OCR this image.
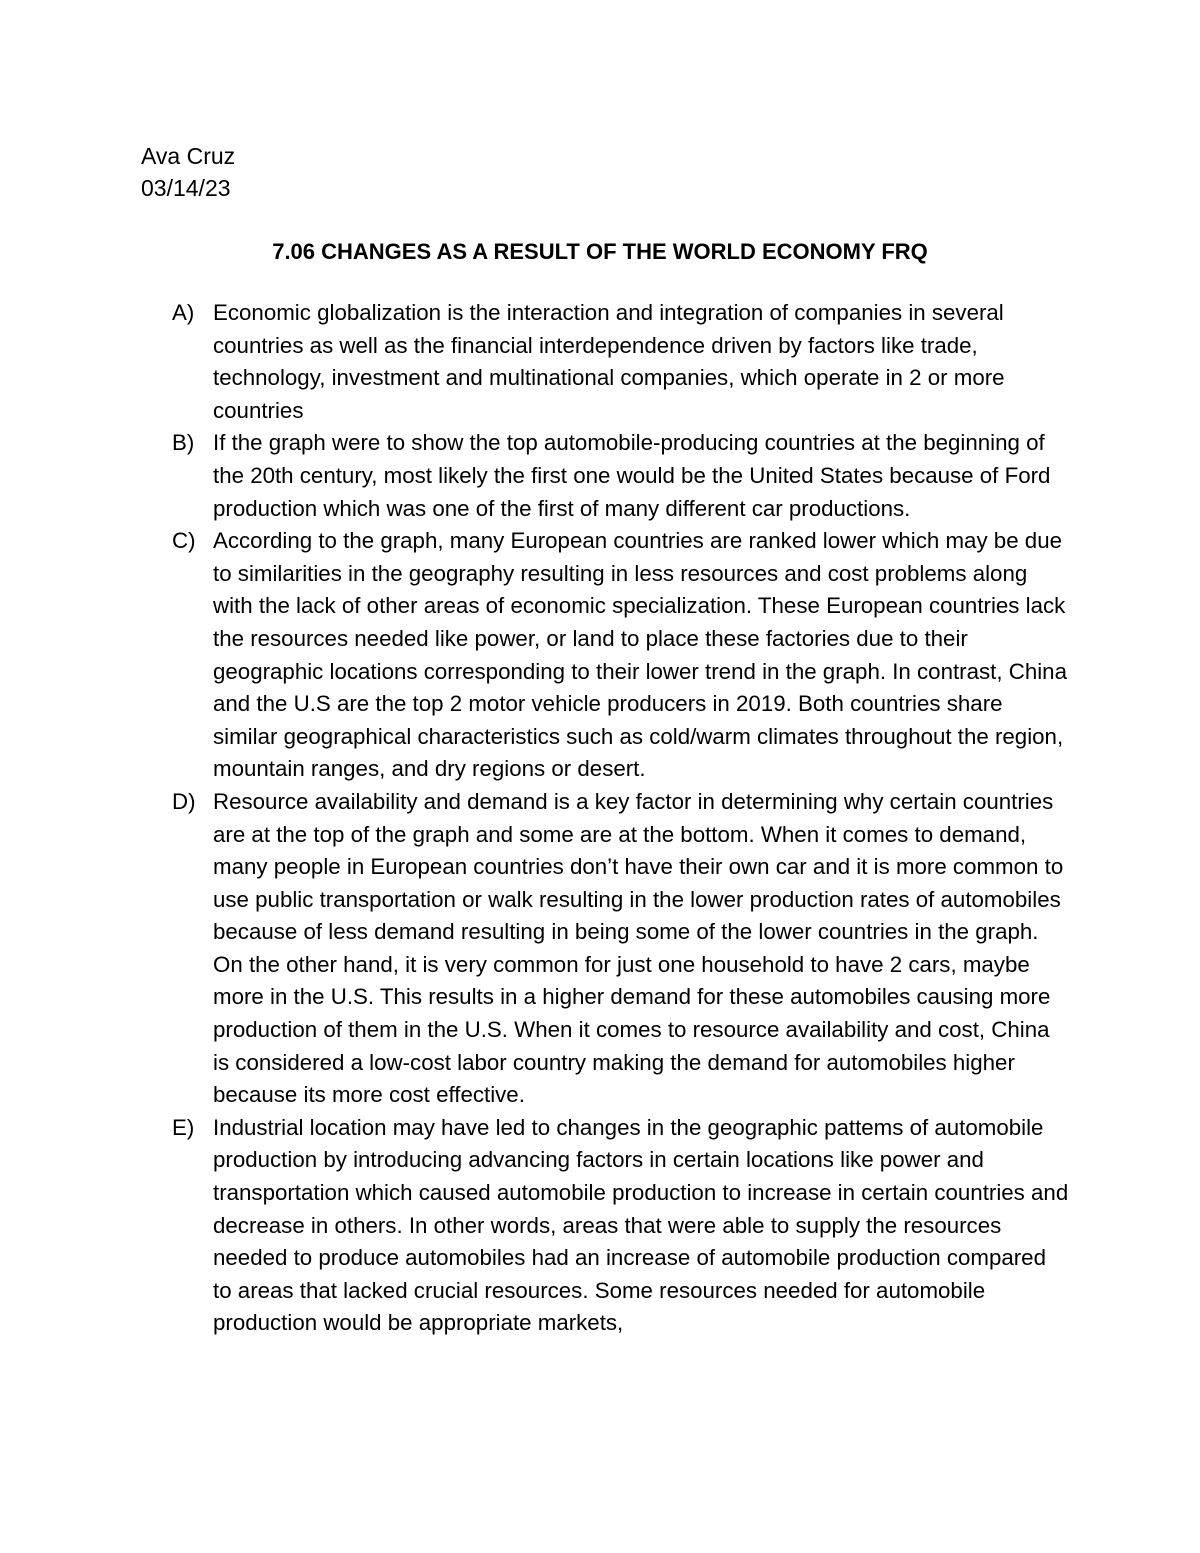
Ava Cruz
03/14/23
7.06 CHANGES AS A RESULT OF THE WORLD ECONOMY FRQ
A) Economic globalization is the interaction and integration of companies in several countries as well as the financial interdependence driven by factors like trade, technology, investment and multinational companies, which operate in 2 or more countries
B) If the graph were to show the top automobile-producing countries at the beginning of the 20th century, most likely the first one would be the United States because of Ford production which was one of the first of many different car productions.
C) According to the graph, many European countries are ranked lower which may be due to similarities in the geography resulting in less resources and cost problems along with the lack of other areas of economic specialization. These European countries lack the resources needed like power, or land to place these factories due to their geographic locations corresponding to their lower trend in the graph. In contrast, China and the U.S are the top 2 motor vehicle producers in 2019. Both countries share similar geographical characteristics such as cold/warm climates throughout the region, mountain ranges, and dry regions or desert.
D) Resource availability and demand is a key factor in determining why certain countries are at the top of the graph and some are at the bottom. When it comes to demand, many people in European countries don’t have their own car and it is more common to use public transportation or walk resulting in the lower production rates of automobiles because of less demand resulting in being some of the lower countries in the graph. On the other hand, it is very common for just one household to have 2 cars, maybe more in the U.S. This results in a higher demand for these automobiles causing more production of them in the U.S. When it comes to resource availability and cost, China is considered a low-cost labor country making the demand for automobiles higher because its more cost effective.
E) Industrial location may have led to changes in the geographic pattems of automobile production by introducing advancing factors in certain locations like power and transportation which caused automobile production to increase in certain countries and decrease in others. In other words, areas that were able to supply the resources needed to produce automobiles had an increase of automobile production compared to areas that lacked crucial resources. Some resources needed for automobile production would be appropriate markets,
